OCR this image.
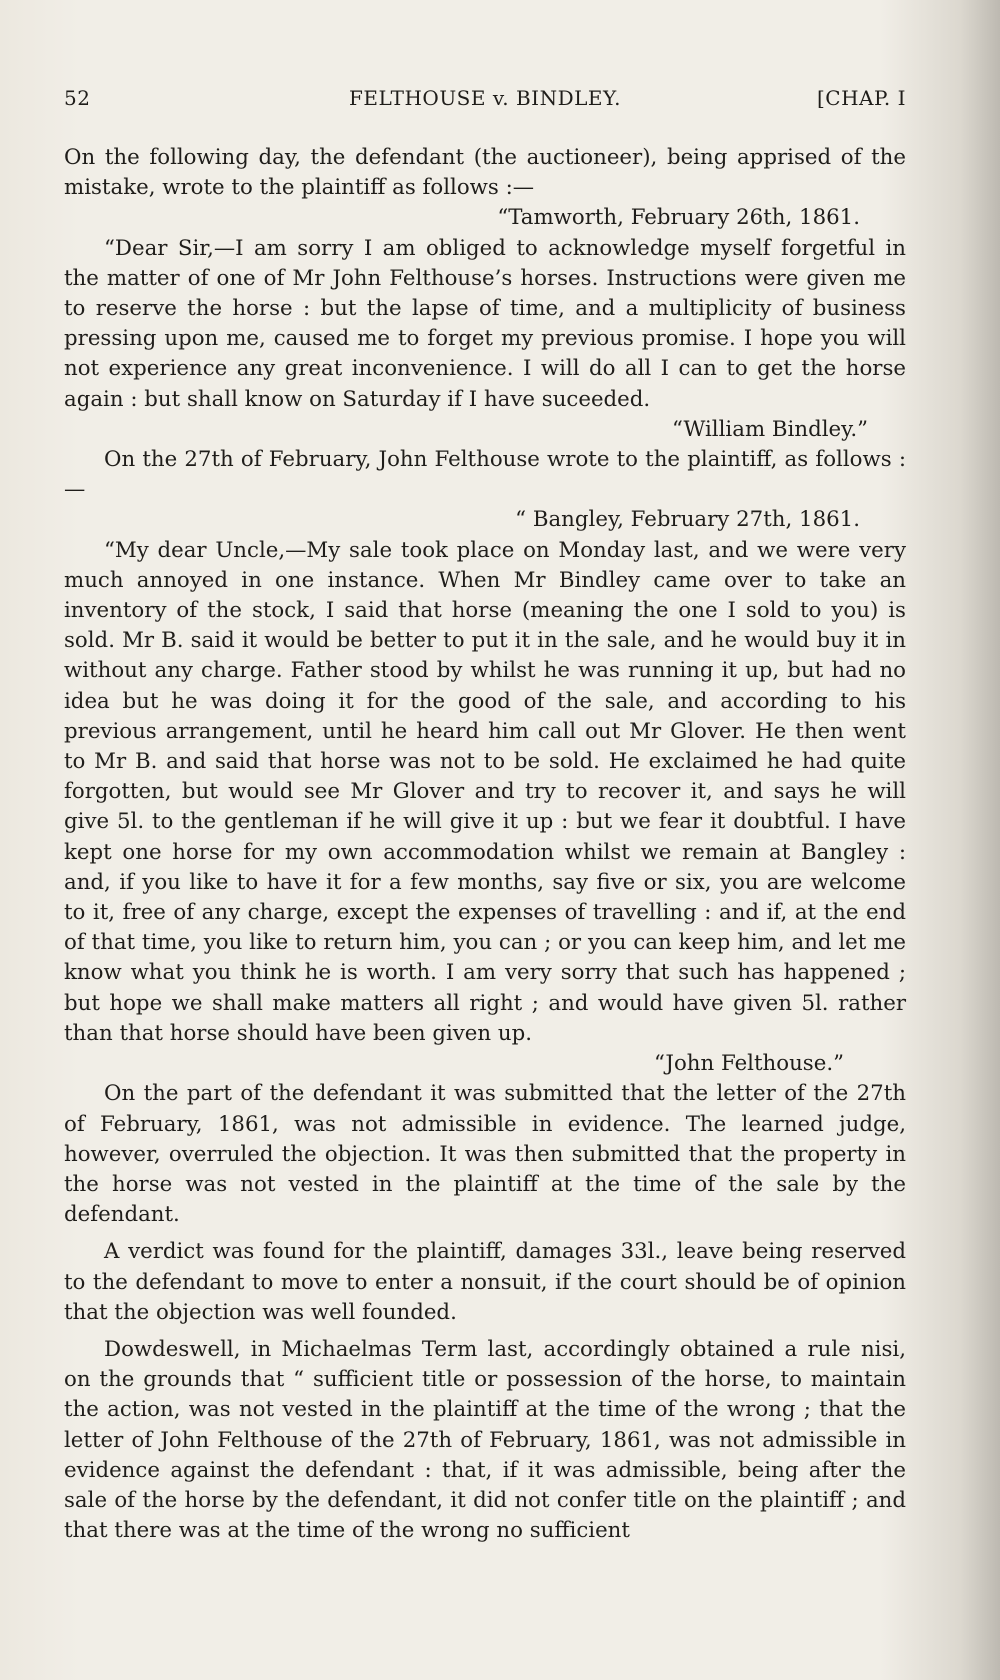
52	FELTHOUSE v. BINDLEY.	[CHAP. I

On the following day, the defendant (the auctioneer), being apprised of the mistake, wrote to the plaintiff as follows :—

“Tamworth, February 26th, 1861.

“Dear Sir,—I am sorry I am obliged to acknowledge myself forgetful in the matter of one of Mr John Felthouse’s horses. Instructions were given me to reserve the horse : but the lapse of time, and a multiplicity of business pressing upon me, caused me to forget my previous promise. I hope you will not experience any great inconvenience. I will do all I can to get the horse again : but shall know on Saturday if I have suceeded.

“William Bindley.”

On the 27th of February, John Felthouse wrote to the plaintiff, as follows :—

“ Bangley, February 27th, 1861.

“My dear Uncle,—My sale took place on Monday last, and we were very much annoyed in one instance. When Mr Bindley came over to take an inventory of the stock, I said that horse (meaning the one I sold to you) is sold. Mr B. said it would be better to put it in the sale, and he would buy it in without any charge. Father stood by whilst he was running it up, but had no idea but he was doing it for the good of the sale, and according to his previous arrangement, until he heard him call out Mr Glover. He then went to Mr B. and said that horse was not to be sold. He exclaimed he had quite forgotten, but would see Mr Glover and try to recover it, and says he will give 5l. to the gentleman if he will give it up : but we fear it doubtful. I have kept one horse for my own accommodation whilst we remain at Bangley : and, if you like to have it for a few months, say five or six, you are welcome to it, free of any charge, except the expenses of travelling : and if, at the end of that time, you like to return him, you can ; or you can keep him, and let me know what you think he is worth. I am very sorry that such has happened ; but hope we shall make matters all right ; and would have given 5l. rather than that horse should have been given up.

“John Felthouse.”

On the part of the defendant it was submitted that the letter of the 27th of February, 1861, was not admissible in evidence. The learned judge, however, overruled the objection. It was then submitted that the property in the horse was not vested in the plaintiff at the time of the sale by the defendant.

A verdict was found for the plaintiff, damages 33l., leave being reserved to the defendant to move to enter a nonsuit, if the court should be of opinion that the objection was well founded.

Dowdeswell, in Michaelmas Term last, accordingly obtained a rule nisi, on the grounds that “ sufficient title or possession of the horse, to maintain the action, was not vested in the plaintiff at the time of the wrong ; that the letter of John Felthouse of the 27th of February, 1861, was not admissible in evidence against the defendant : that, if it was admissible, being after the sale of the horse by the defendant, it did not confer title on the plaintiff ; and that there was at the time of the wrong no sufficient
